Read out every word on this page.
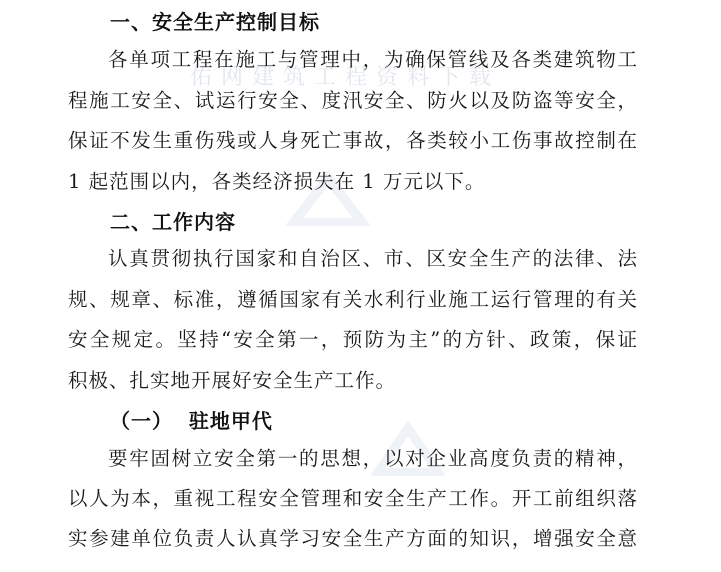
佑 网 建 筑 工 程 资 料 下 载
一、安全生产控制目标
各单项工程在施工与管理中，为确保管线及各类建筑物工
程施工安全、试运行安全、度汛安全、防火以及防盗等安全，
保证不发生重伤残或人身死亡事故，各类较小工伤事故控制在
1 起范围以内，各类经济损失在 1 万元以下。
二、工作内容
认真贯彻执行国家和自治区、市、区安全生产的法律、法
规、规章、标准，遵循国家有关水利行业施工运行管理的有关
安全规定。坚持“安全第一，预防为主”的方针、政策，保证
积极、扎实地开展好安全生产工作。
（一）  驻地甲代
要牢固树立安全第一的思想，以对企业高度负责的精神，
以人为本，重视工程安全管理和安全生产工作。开工前组织落
实参建单位负责人认真学习安全生产方面的知识，增强安全意
